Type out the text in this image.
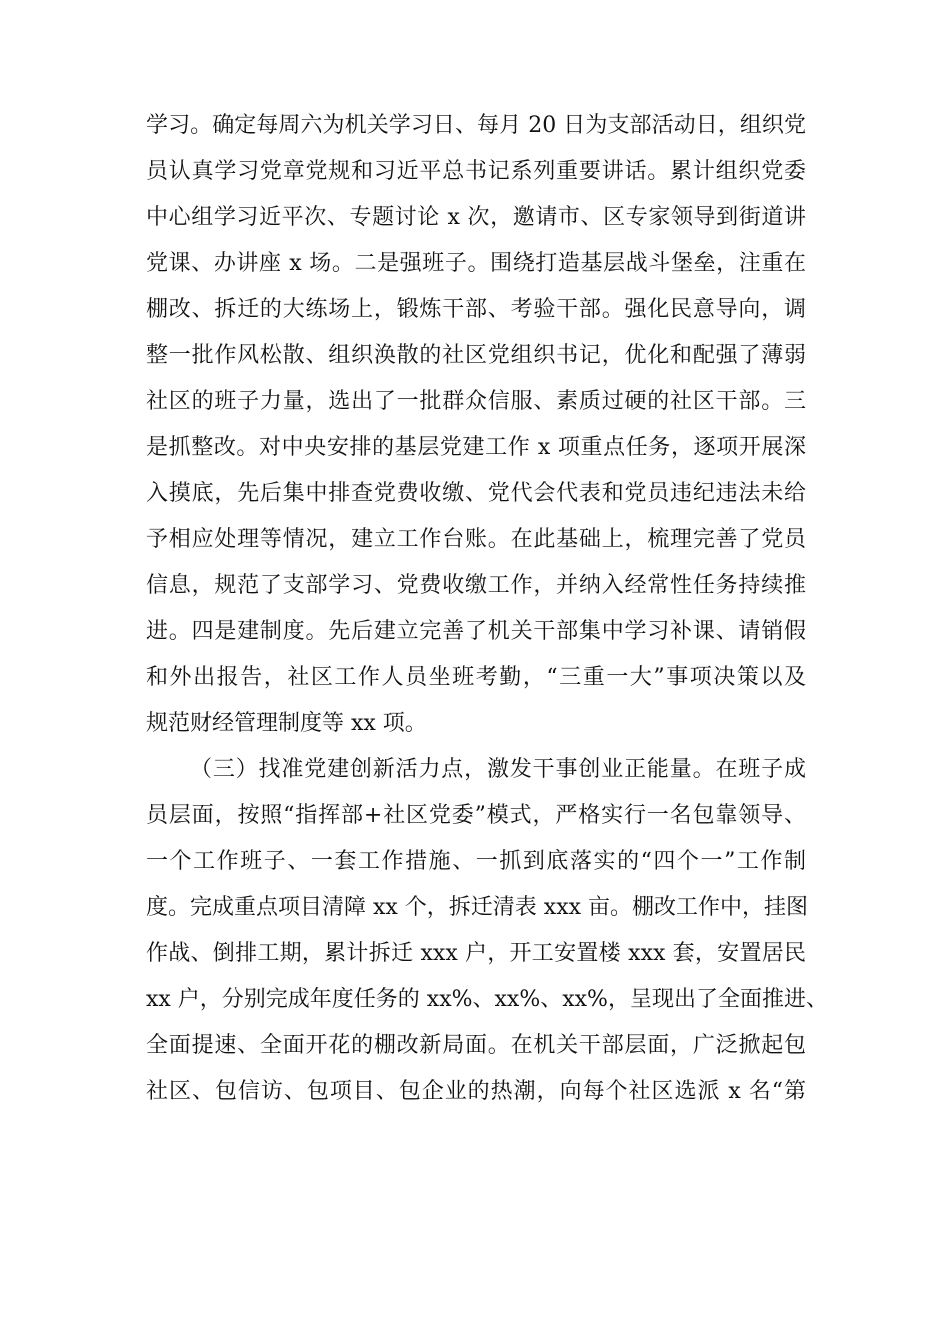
学习。确定每周六为机关学习日、每月 20 日为支部活动日，组织党
员认真学习党章党规和习近平总书记系列重要讲话。累计组织党委
中心组学习近平次、专题讨论 x 次，邀请市、区专家领导到街道讲
党课、办讲座 x 场。二是强班子。围绕打造基层战斗堡垒，注重在
棚改、拆迁的大练场上，锻炼干部、考验干部。强化民意导向，调
整一批作风松散、组织涣散的社区党组织书记，优化和配强了薄弱
社区的班子力量，选出了一批群众信服、素质过硬的社区干部。三
是抓整改。对中央安排的基层党建工作 x 项重点任务，逐项开展深
入摸底，先后集中排查党费收缴、党代会代表和党员违纪违法未给
予相应处理等情况，建立工作台账。在此基础上，梳理完善了党员
信息，规范了支部学习、党费收缴工作，并纳入经常性任务持续推
进。四是建制度。先后建立完善了机关干部集中学习补课、请销假
和外出报告，社区工作人员坐班考勤，“三重一大”事项决策以及
规范财经管理制度等 xx 项。
（三）找准党建创新活力点，激发干事创业正能量。在班子成
员层面，按照“指挥部+社区党委”模式，严格实行一名包靠领导、
一个工作班子、一套工作措施、一抓到底落实的“四个一”工作制
度。完成重点项目清障 xx 个，拆迁清表 xxx 亩。棚改工作中，挂图
作战、倒排工期，累计拆迁 xxx 户，开工安置楼 xxx 套，安置居民
xx 户，分别完成年度任务的 xx%、xx%、xx%，呈现出了全面推进、
全面提速、全面开花的棚改新局面。在机关干部层面，广泛掀起包
社区、包信访、包项目、包企业的热潮，向每个社区选派 x 名“第
